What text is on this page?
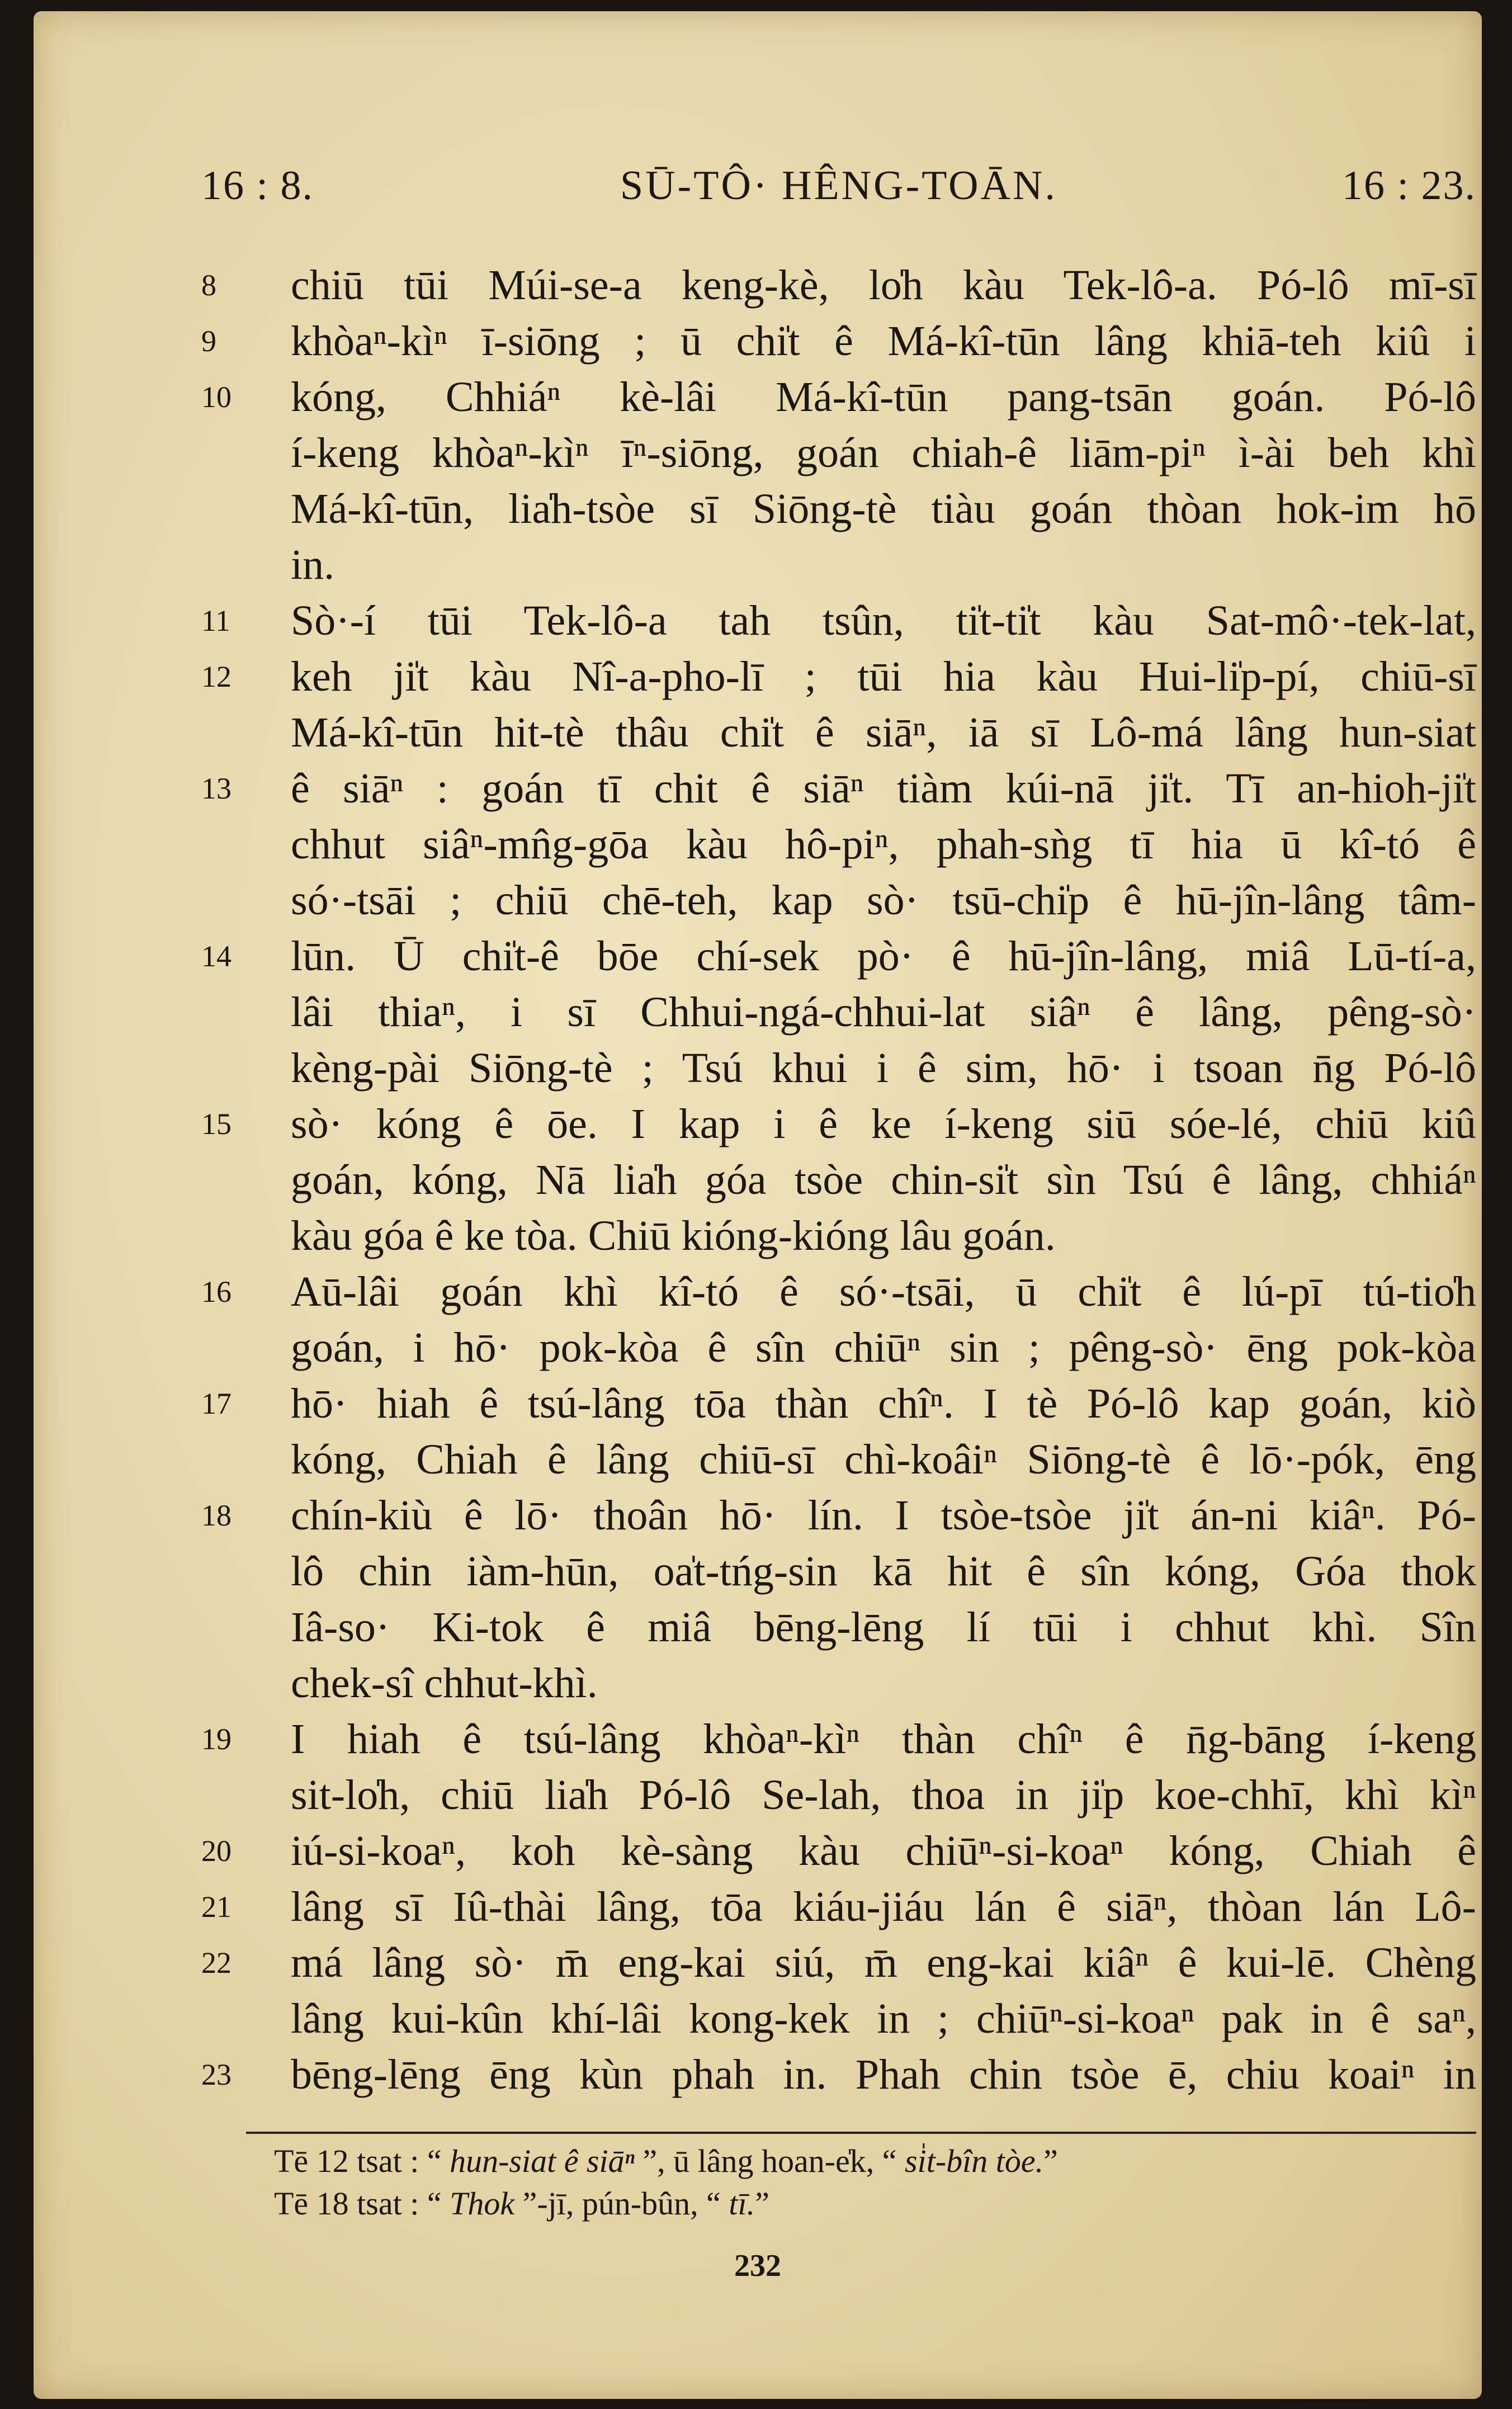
16 : 8.	SŪ-TÔ· HÊNG-TOĀN.	16 : 23.
8 chiū tūi Múi-se-a keng-kè, lo̍h kàu Tek-lô-a. Pó-lô mī-sī
9 khòaⁿ-kìⁿ ī-siōng ; ū chi̍t ê Má-kî-tūn lâng khiā-teh kiû i
10 kóng, Chhiáⁿ kè-lâi Má-kî-tūn pang-tsān goán. Pó-lô
í-keng khòaⁿ-kìⁿ īⁿ-siōng, goán chiah-ê liām-piⁿ ì-ài beh khì
Má-kî-tūn, lia̍h-tsòe sī Siōng-tè tiàu goán thòan hok-im hō
in.
11 Sò·-í tūi Tek-lô-a tah tsûn, ti̍t-ti̍t kàu Sat-mô·-tek-lat,
12 keh ji̍t kàu Nî-a-pho-lī ; tūi hia kàu Hui-li̍p-pí, chiū-sī
Má-kî-tūn hit-tè thâu chi̍t ê siāⁿ, iā sī Lô-má lâng hun-siat
13 ê siāⁿ : goán tī chit ê siāⁿ tiàm kúi-nā ji̍t. Tī an-hioh-ji̍t
chhut siâⁿ-mn̂g-gōa kàu hô-piⁿ, phah-sǹg tī hia ū kî-tó ê
só·-tsāi ; chiū chē-teh, kap sò· tsū-chi̍p ê hū-jîn-lâng tâm-
14 lūn. Ū chi̍t-ê bōe chí-sek pò· ê hū-jîn-lâng, miâ Lū-tí-a,
lâi thiaⁿ, i sī Chhui-ngá-chhui-lat siâⁿ ê lâng, pêng-sò·
kèng-pài Siōng-tè ; Tsú khui i ê sim, hō· i tsoan n̄g Pó-lô
15 sò· kóng ê ōe. I kap i ê ke í-keng siū sóe-lé, chiū kiû
goán, kóng, Nā lia̍h góa tsòe chin-si̍t sìn Tsú ê lâng, chhiáⁿ
kàu góa ê ke tòa. Chiū kióng-kióng lâu goán.
16 Aū-lâi goán khì kî-tó ê só·-tsāi, ū chi̍t ê lú-pī tú-tio̍h
goán, i hō· pok-kòa ê sîn chiūⁿ sin ; pêng-sò· ēng pok-kòa
17 hō· hiah ê tsú-lâng tōa thàn chîⁿ. I tè Pó-lô kap goán, kiò
kóng, Chiah ê lâng chiū-sī chì-koâiⁿ Siōng-tè ê lō·-pók, ēng
18 chín-kiù ê lō· thoân hō· lín. I tsòe-tsòe ji̍t án-ni kiâⁿ. Pó-
lô chin iàm-hūn, oa̍t-tńg-sin kā hit ê sîn kóng, Góa thok
Iâ-so· Ki-tok ê miâ bēng-lēng lí tūi i chhut khì. Sîn
chek-sî chhut-khì.
19 I hiah ê tsú-lâng khòaⁿ-kìⁿ thàn chîⁿ ê n̄g-bāng í-keng
sit-lo̍h, chiū lia̍h Pó-lô Se-lah, thoa in ji̍p koe-chhī, khì kìⁿ
20 iú-si-koaⁿ, koh kè-sàng kàu chiūⁿ-si-koaⁿ kóng, Chiah ê
21 lâng sī Iû-thài lâng, tōa kiáu-jiáu lán ê siāⁿ, thòan lán Lô-
22 má lâng sò· m̄ eng-kai siú, m̄ eng-kai kiâⁿ ê kui-lē. Chèng
lâng kui-kûn khí-lâi kong-kek in ; chiūⁿ-si-koaⁿ pak in ê saⁿ,
23 bēng-lēng ēng kùn phah in. Phah chin tsòe ē, chiu koaiⁿ in
Tē 12 tsat : “ hun-siat ê siāⁿ ”, ū lâng hoan-e̍k, “ si̍t-bîn tòe.”
Tē 18 tsat : “ Thok ”-jī, pún-bûn, “ tī.”
232
